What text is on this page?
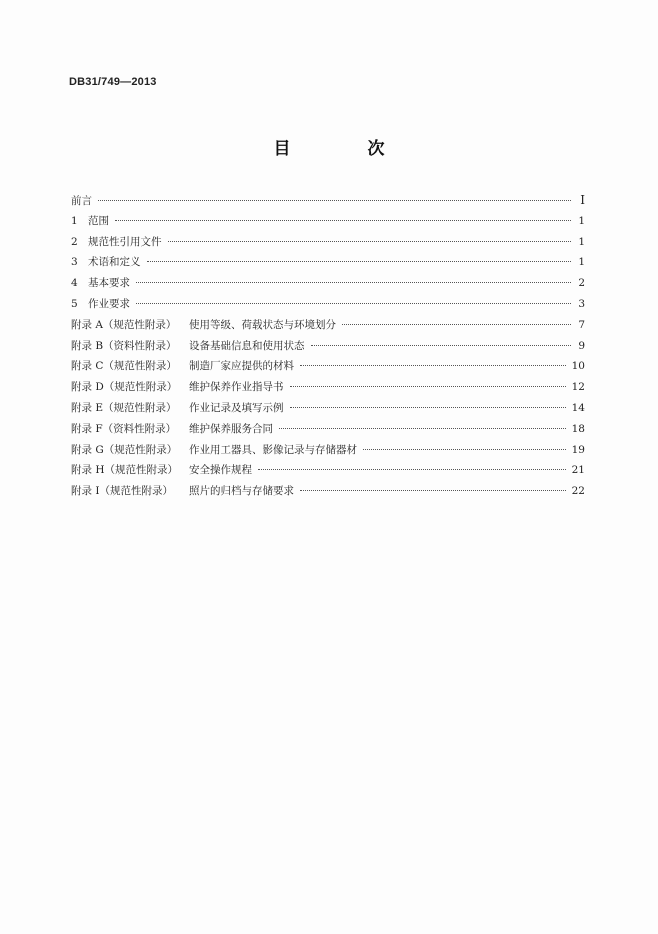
DB31/749—2013
目　次
前言	I
1 范围	1
2 规范性引用文件	1
3 术语和定义	1
4 基本要求	2
5 作业要求	3
附录 A（规范性附录）	使用等级、荷载状态与环境划分	7
附录 B（资料性附录）	设备基础信息和使用状态	9
附录 C（规范性附录）	制造厂家应提供的材料	10
附录 D（规范性附录）	维护保养作业指导书	12
附录 E（规范性附录）	作业记录及填写示例	14
附录 F（资料性附录）	维护保养服务合同	18
附录 G（规范性附录）	作业用工器具、影像记录与存储器材	19
附录 H（规范性附录）	安全操作规程	21
附录 I（规范性附录）	照片的归档与存储要求	22
